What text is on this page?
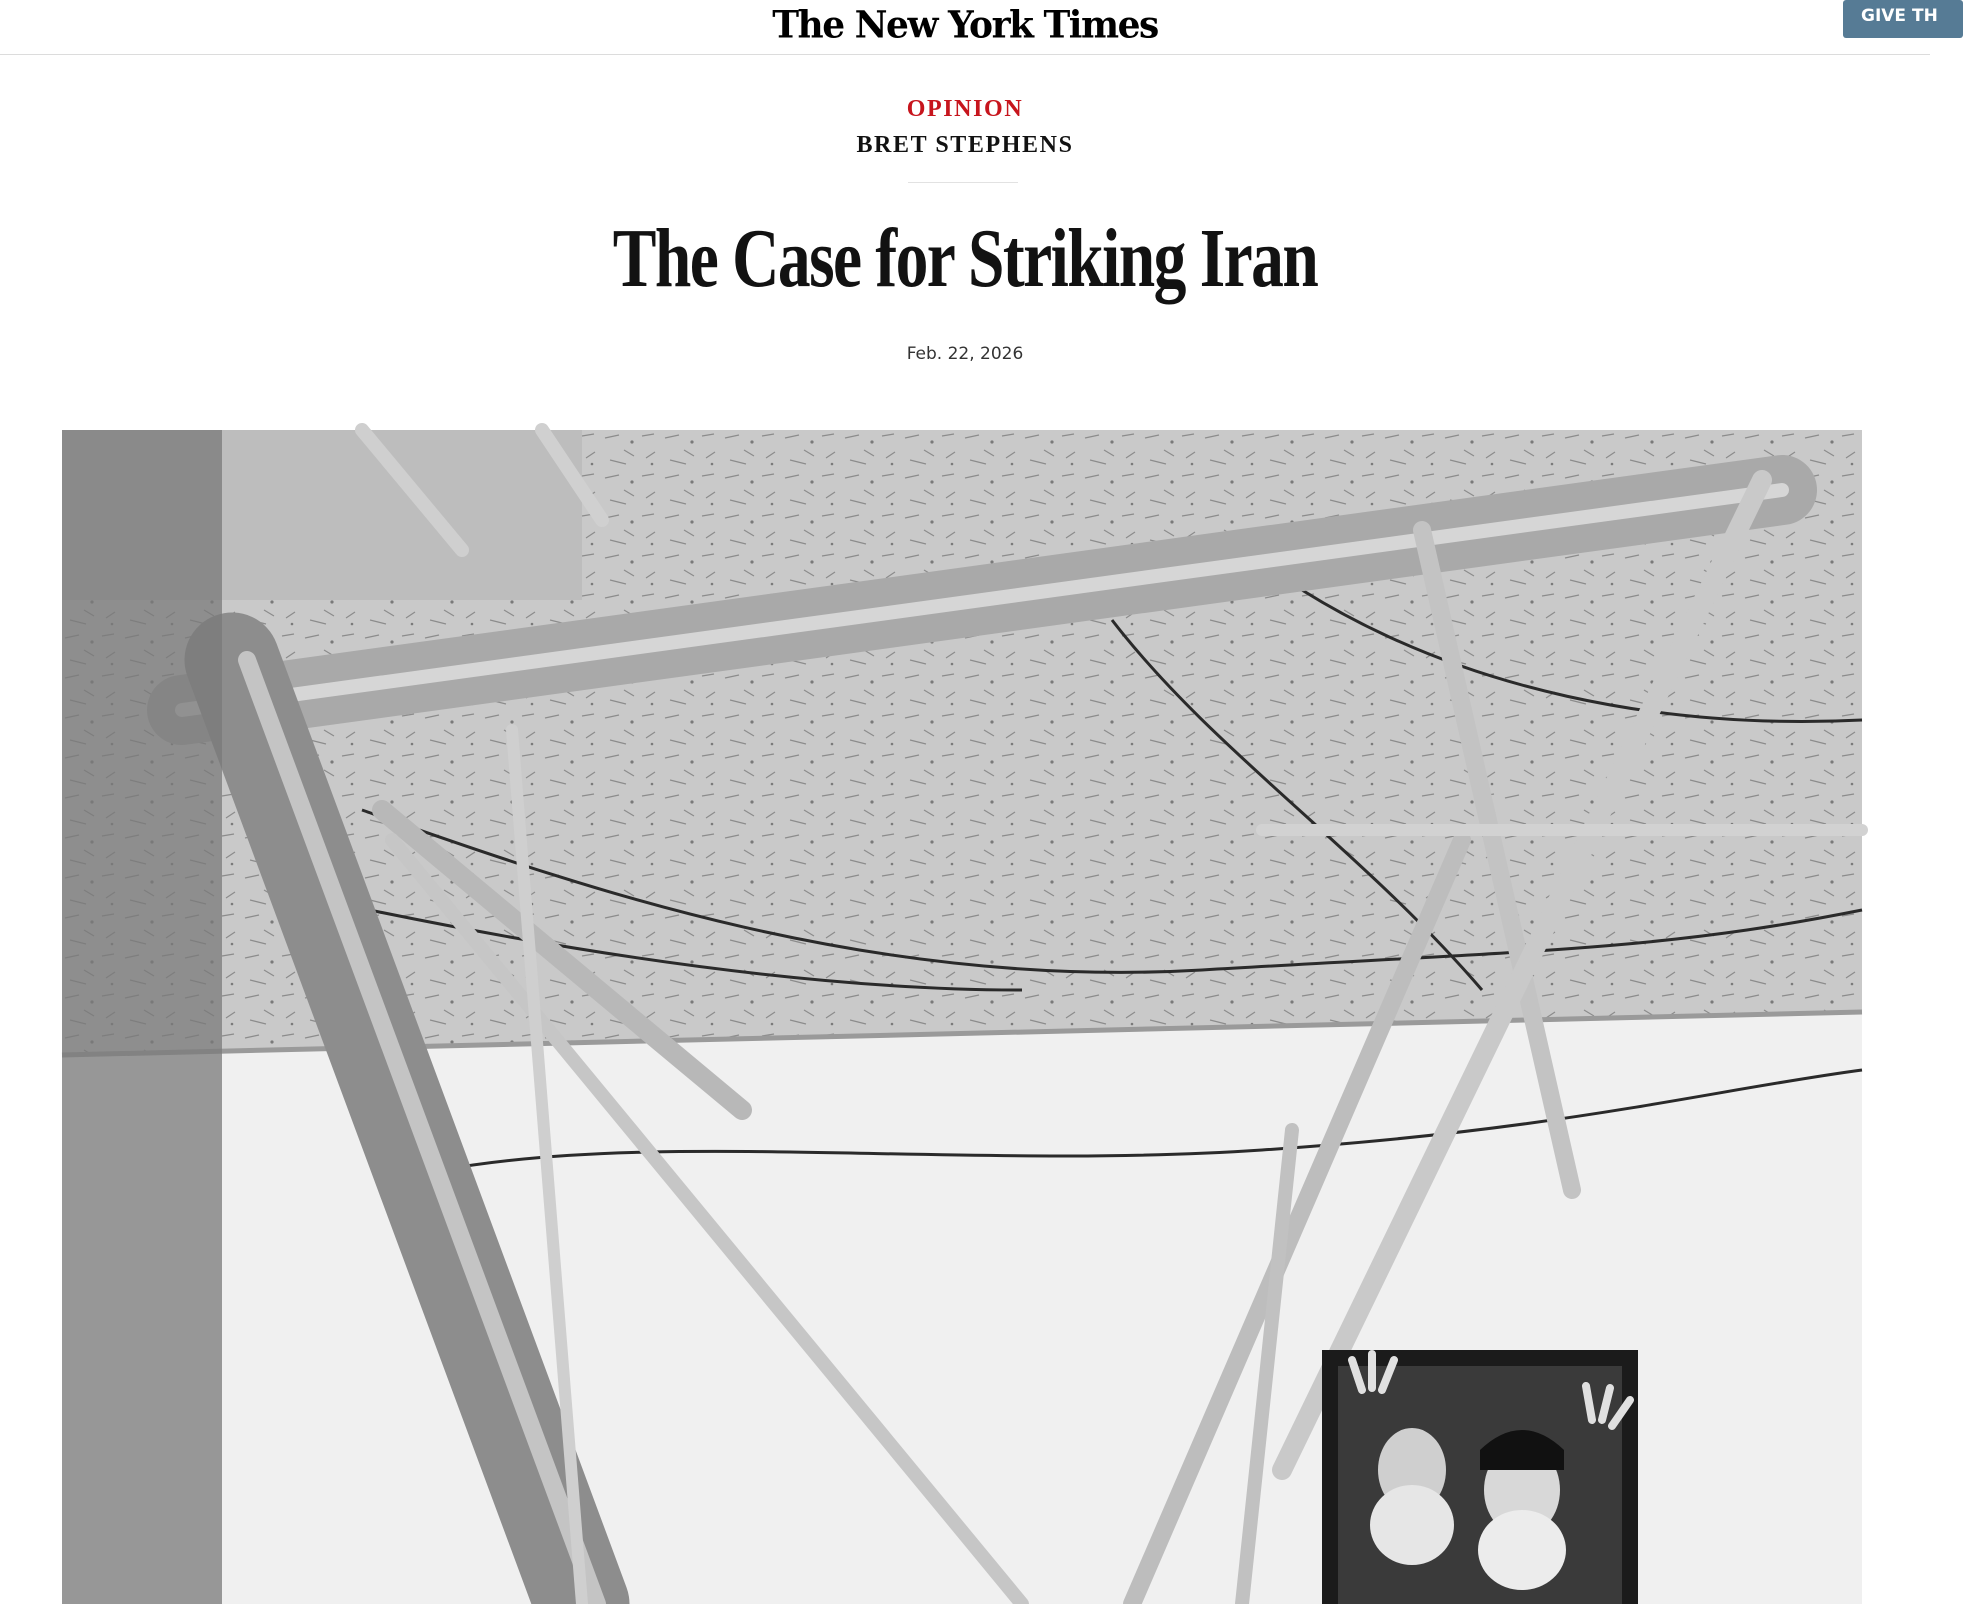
The New York Times	GIVE TH
OPINION
BRET STEPHENS
The Case for Striking Iran
Feb. 22, 2026
